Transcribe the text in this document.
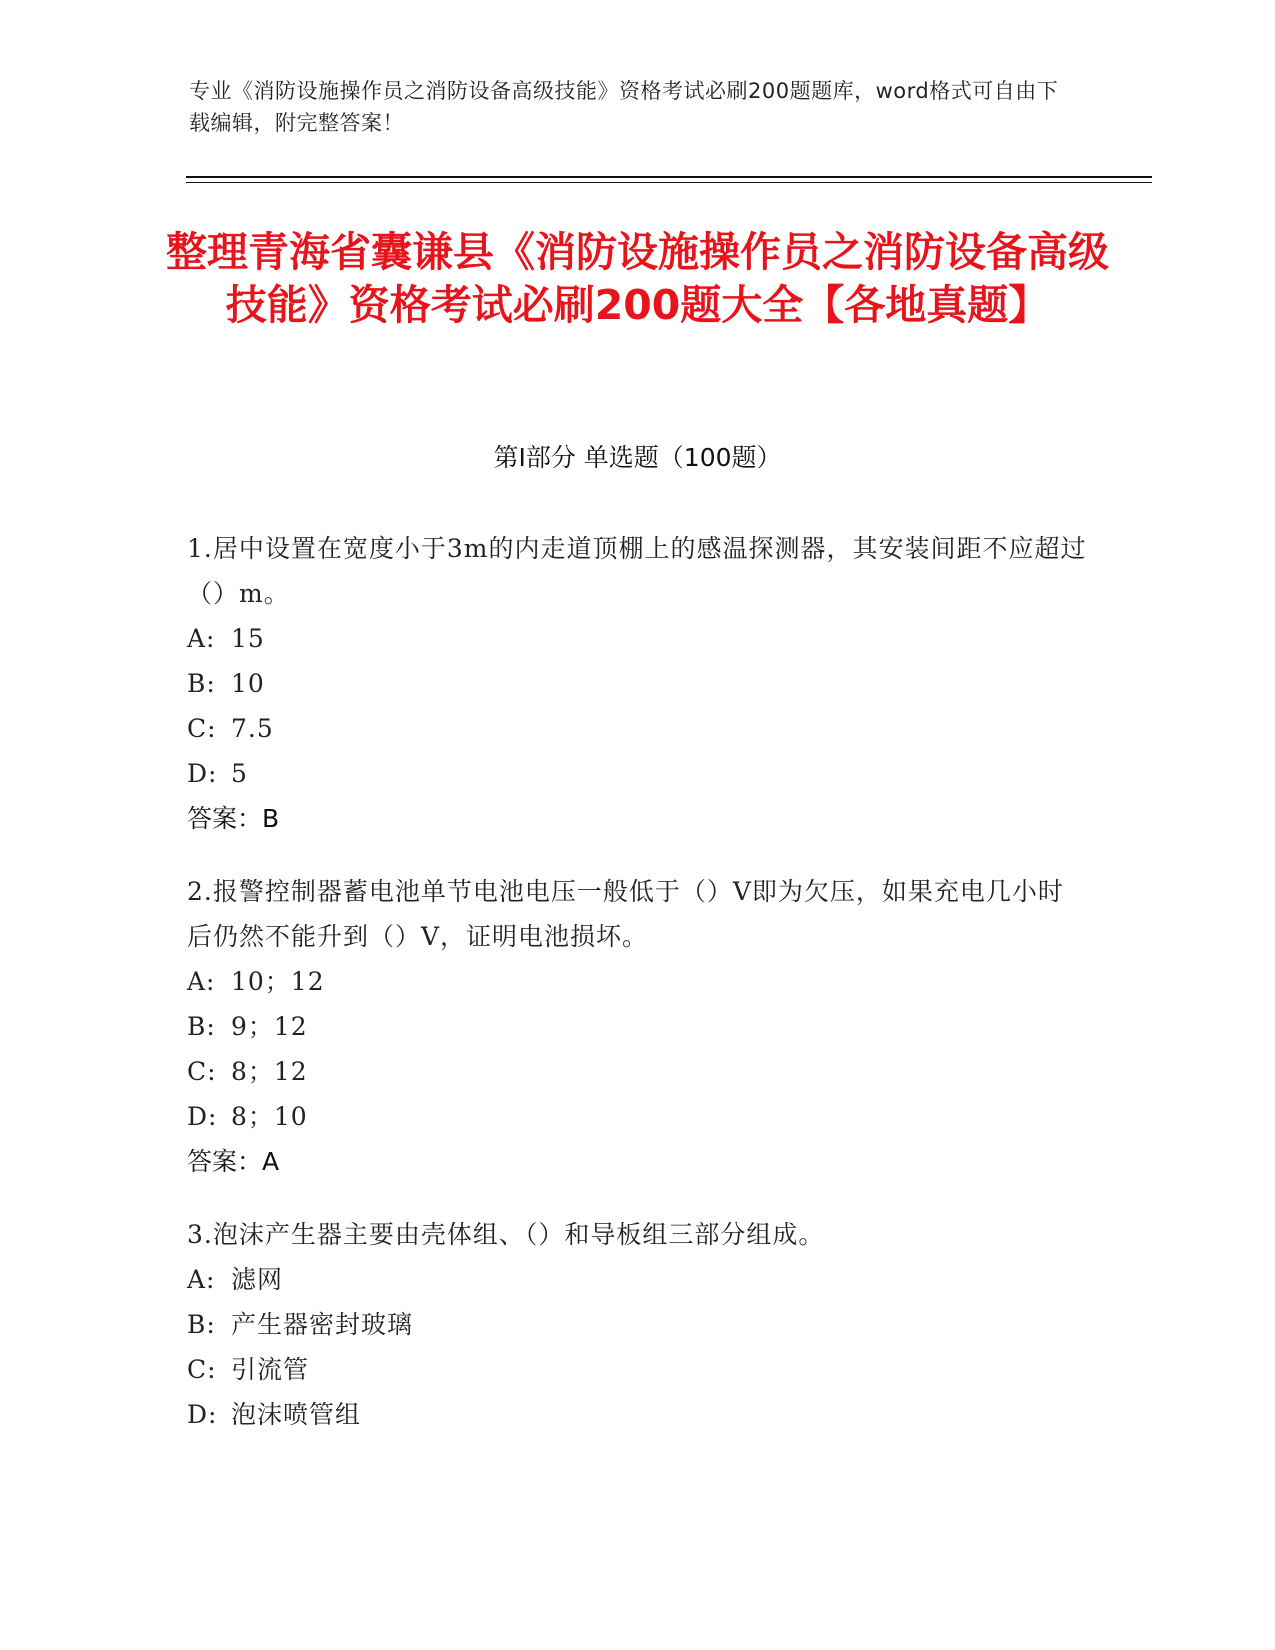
专业《消防设施操作员之消防设备高级技能》资格考试必刷200题题库，word格式可自由下载编辑，附完整答案！
整理青海省囊谦县《消防设施操作员之消防设备高级技能》资格考试必刷200题大全【各地真题】
第I部分 单选题（100题）
1.居中设置在宽度小于3m的内走道顶棚上的感温探测器，其安装间距不应超过（）m。
A: 15
B: 10
C: 7.5
D: 5
答案：B
2.报警控制器蓄电池单节电池电压一般低于（）V即为欠压，如果充电几小时后仍然不能升到（）V，证明电池损坏。
A: 10；12
B: 9；12
C: 8；12
D: 8；10
答案：A
3.泡沫产生器主要由壳体组、（）和导板组三部分组成。
A: 滤网
B: 产生器密封玻璃
C: 引流管
D: 泡沫喷管组
